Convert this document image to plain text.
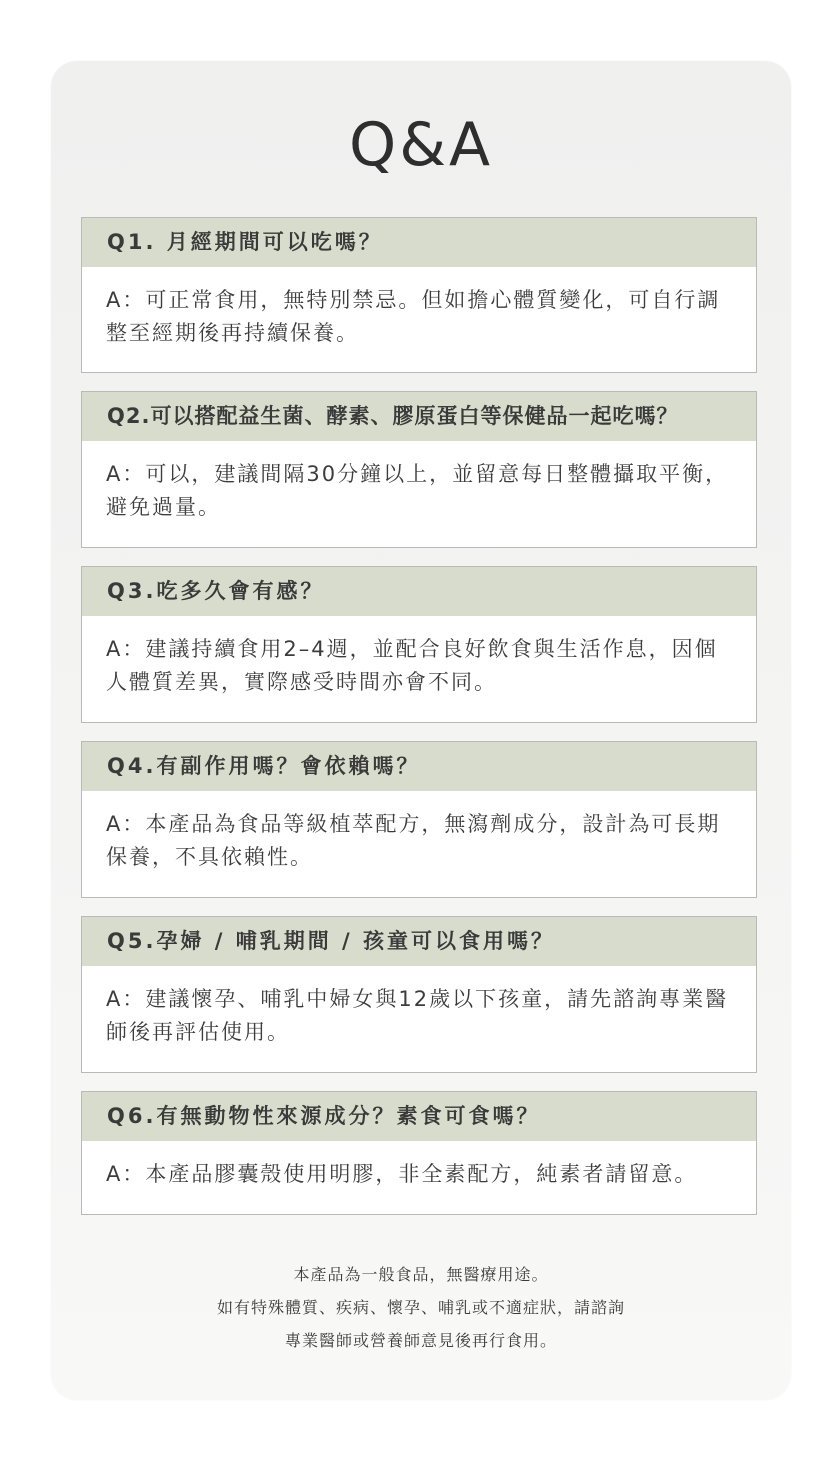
Q&A
Q1. 月經期間可以吃嗎？
A：可正常食用，無特別禁忌。但如擔心體質變化，可自行調整至經期後再持續保養。
Q2.可以搭配益生菌、酵素、膠原蛋白等保健品一起吃嗎？
A：可以，建議間隔30分鐘以上，並留意每日整體攝取平衡，避免過量。
Q3.吃多久會有感？
A：建議持續食用2–4週，並配合良好飲食與生活作息，因個人體質差異，實際感受時間亦會不同。
Q4.有副作用嗎？會依賴嗎？
A：本產品為食品等級植萃配方，無瀉劑成分，設計為可長期保養，不具依賴性。
Q5.孕婦 / 哺乳期間 / 孩童可以食用嗎？
A：建議懷孕、哺乳中婦女與12歲以下孩童，請先諮詢專業醫師後再評估使用。
Q6.有無動物性來源成分？素食可食嗎？
A：本產品膠囊殼使用明膠，非全素配方，純素者請留意。
本產品為一般食品，無醫療用途。
如有特殊體質、疾病、懷孕、哺乳或不適症狀，請諮詢
專業醫師或營養師意見後再行食用。
